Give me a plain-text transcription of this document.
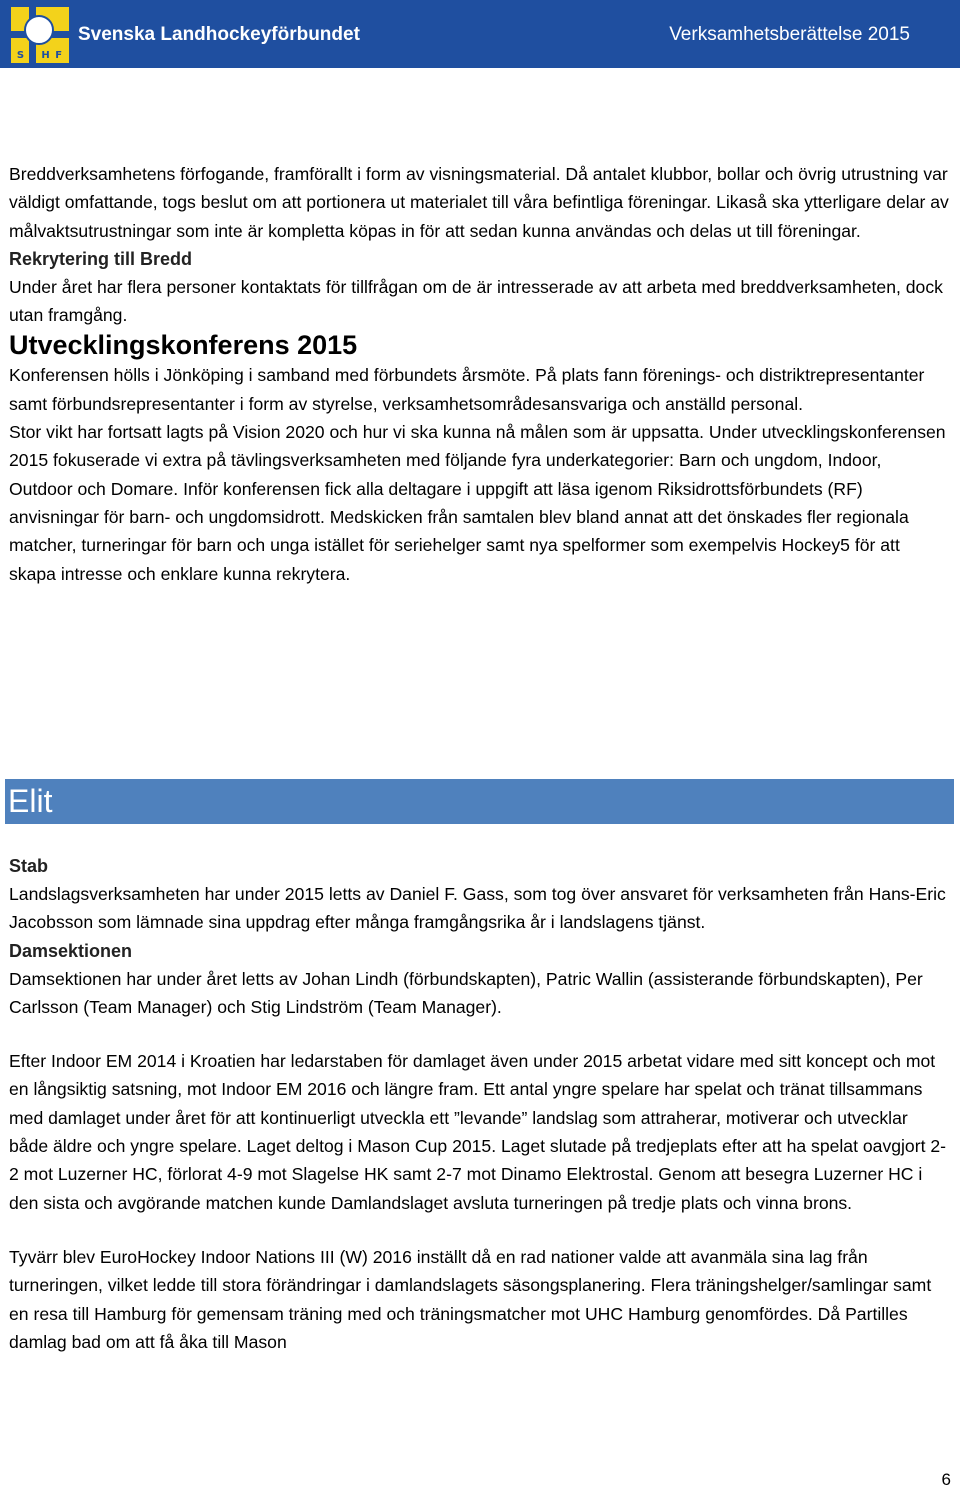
S L H F
Svenska Landhockeyförbundet	Verksamhetsberättelse 2015

Breddverksamhetens förfogande, framförallt i form av visningsmaterial. Då antalet klubbor, bollar och övrig utrustning var väldigt omfattande, togs beslut om att portionera ut materialet till våra befintliga föreningar. Likaså ska ytterligare delar av målvaktsutrustningar som inte är kompletta köpas in för att sedan kunna användas och delas ut till föreningar.

Rekrytering till Bredd

Under året har flera personer kontaktats för tillfrågan om de är intresserade av att arbeta med breddverksamheten, dock utan framgång.

Utvecklingskonferens 2015

Konferensen hölls i Jönköping i samband med förbundets årsmöte. På plats fann förenings- och distriktrepresentanter samt förbundsrepresentanter i form av styrelse, verksamhetsområdesansvariga och anställd personal.

Stor vikt har fortsatt lagts på Vision 2020 och hur vi ska kunna nå målen som är uppsatta. Under utvecklingskonferensen 2015 fokuserade vi extra på tävlingsverksamheten med följande fyra underkategorier: Barn och ungdom, Indoor, Outdoor och Domare. Inför konferensen fick alla deltagare i uppgift att läsa igenom Riksidrottsförbundets (RF) anvisningar för barn- och ungdomsidrott. Medskicken från samtalen blev bland annat att det önskades fler regionala matcher, turneringar för barn och unga istället för seriehelger samt nya spelformer som exempelvis Hockey5 för att skapa intresse och enklare kunna rekrytera.

Elit

Stab

Landslagsverksamheten har under 2015 letts av Daniel F. Gass, som tog över ansvaret för verksamheten från Hans-Eric Jacobsson som lämnade sina uppdrag efter många framgångsrika år i landslagens tjänst.

Damsektionen

Damsektionen har under året letts av Johan Lindh (förbundskapten), Patric Wallin (assisterande förbundskapten), Per Carlsson (Team Manager) och Stig Lindström (Team Manager).

Efter Indoor EM 2014 i Kroatien har ledarstaben för damlaget även under 2015 arbetat vidare med sitt koncept och mot en långsiktig satsning, mot Indoor EM 2016 och längre fram. Ett antal yngre spelare har spelat och tränat tillsammans med damlaget under året för att kontinuerligt utveckla ett ”levande” landslag som attraherar, motiverar och utvecklar både äldre och yngre spelare. Laget deltog i Mason Cup 2015. Laget slutade på tredjeplats efter att ha spelat oavgjort 2-2 mot Luzerner HC, förlorat 4-9 mot Slagelse HK samt 2-7 mot Dinamo Elektrostal. Genom att besegra Luzerner HC i den sista och avgörande matchen kunde Damlandslaget avsluta turneringen på tredje plats och vinna brons.

Tyvärr blev EuroHockey Indoor Nations III (W) 2016 inställt då en rad nationer valde att avanmäla sina lag från turneringen, vilket ledde till stora förändringar i damlandslagets säsongsplanering. Flera träningshelger/samlingar samt en resa till Hamburg för gemensam träning med och träningsmatcher mot UHC Hamburg genomfördes. Då Partilles damlag bad om att få åka till Mason

6
